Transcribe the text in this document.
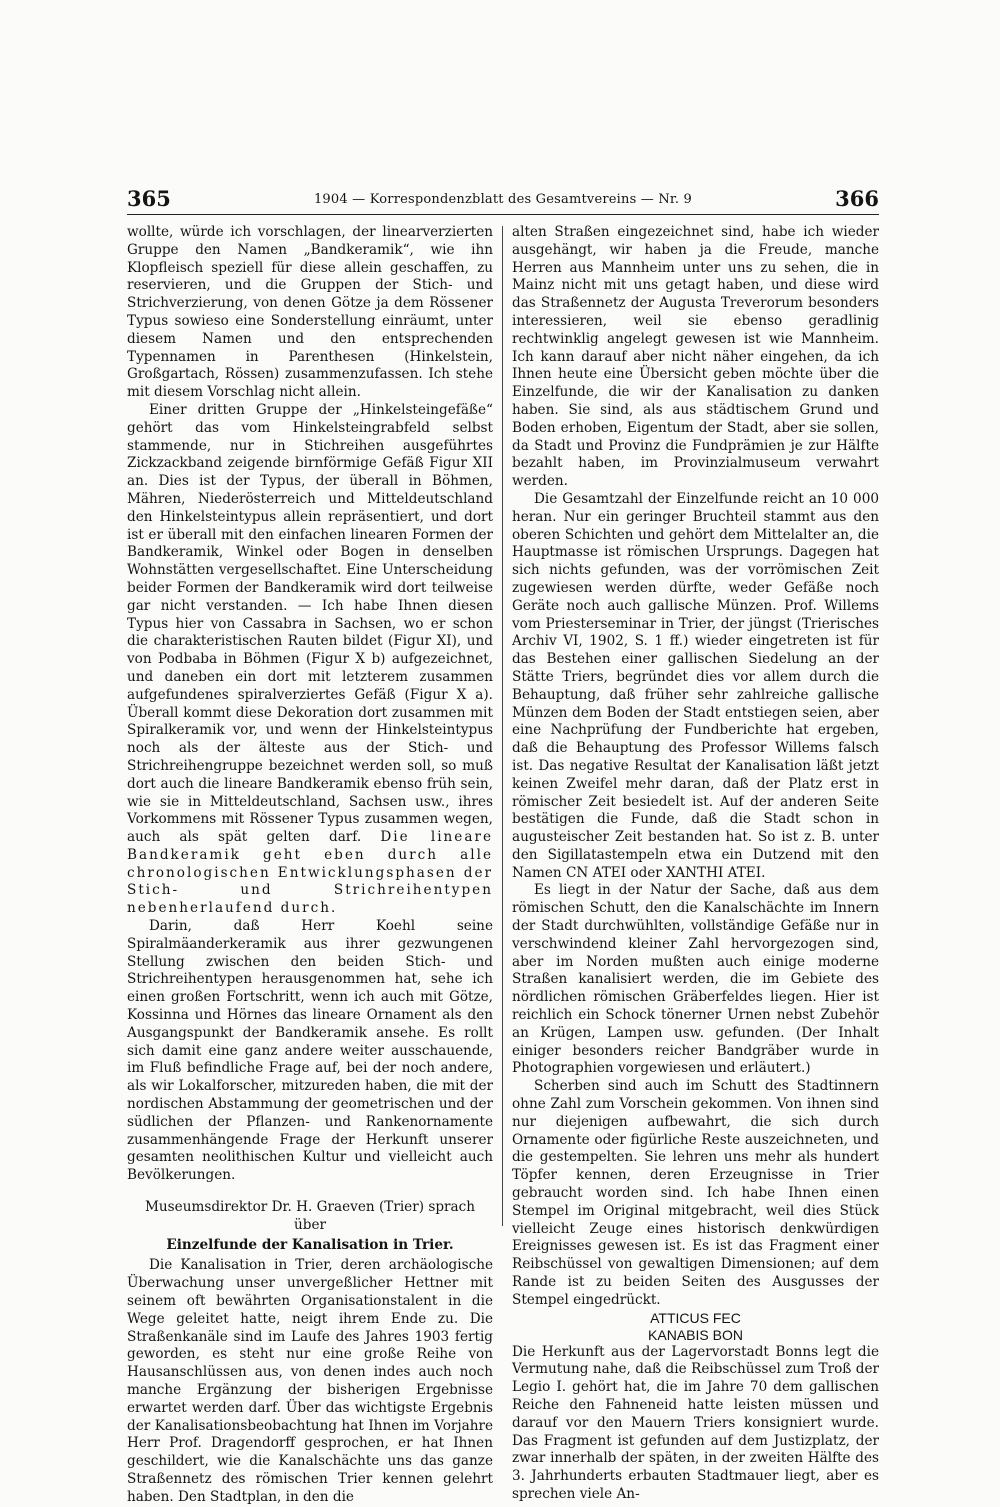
365	1904 — Korrespondenzblatt des Gesamtvereins — Nr. 9	366

wollte, würde ich vorschlagen, der linearverzierten Gruppe den Namen „Bandkeramik“, wie ihn Klopfleisch speziell für diese allein geschaffen, zu reservieren, und die Gruppen der Stich- und Strichverzierung, von denen Götze ja dem Rössener Typus sowieso eine Sonderstellung einräumt, unter diesem Namen und den entsprechenden Typennamen in Parenthesen (Hinkelstein, Großgartach, Rössen) zusammenzufassen. Ich stehe mit diesem Vorschlag nicht allein.

Einer dritten Gruppe der „Hinkelsteingefäße“ gehört das vom Hinkelsteingrabfeld selbst stammende, nur in Stichreihen ausgeführtes Zickzackband zeigende birnförmige Gefäß Figur XII an. Dies ist der Typus, der überall in Böhmen, Mähren, Niederösterreich und Mitteldeutschland den Hinkelsteintypus allein repräsentiert, und dort ist er überall mit den einfachen linearen Formen der Bandkeramik, Winkel oder Bogen in denselben Wohnstätten vergesellschaftet. Eine Unterscheidung beider Formen der Bandkeramik wird dort teilweise gar nicht verstanden. — Ich habe Ihnen diesen Typus hier von Cassabra in Sachsen, wo er schon die charakteristischen Rauten bildet (Figur XI), und von Podbaba in Böhmen (Figur X b) aufgezeichnet, und daneben ein dort mit letzterem zusammen aufgefundenes spiralverziertes Gefäß (Figur X a). Überall kommt diese Dekoration dort zusammen mit Spiralkeramik vor, und wenn der Hinkelsteintypus noch als der älteste aus der Stich- und Strichreihengruppe bezeichnet werden soll, so muß dort auch die lineare Bandkeramik ebenso früh sein, wie sie in Mitteldeutschland, Sachsen usw., ihres Vorkommens mit Rössener Typus zusammen wegen, auch als spät gelten darf. Die lineare Bandkeramik geht eben durch alle chronologischen Entwicklungsphasen der Stich- und Strichreihentypen nebenherlaufend durch.

Darin, daß Herr Koehl seine Spiralmäanderkeramik aus ihrer gezwungenen Stellung zwischen den beiden Stich- und Strichreihentypen herausgenommen hat, sehe ich einen großen Fortschritt, wenn ich auch mit Götze, Kossinna und Hörnes das lineare Ornament als den Ausgangspunkt der Bandkeramik ansehe. Es rollt sich damit eine ganz andere weiter ausschauende, im Fluß befindliche Frage auf, bei der noch andere, als wir Lokalforscher, mitzureden haben, die mit der nordischen Abstammung der geometrischen und der südlichen der Pflanzen- und Rankenornamente zusammenhängende Frage der Herkunft unserer gesamten neolithischen Kultur und vielleicht auch Bevölkerungen.

Museumsdirektor Dr. H. Graeven (Trier) sprach über

Einzelfunde der Kanalisation in Trier.

Die Kanalisation in Trier, deren archäologische Überwachung unser unvergeßlicher Hettner mit seinem oft bewährten Organisationstalent in die Wege geleitet hatte, neigt ihrem Ende zu. Die Straßenkanäle sind im Laufe des Jahres 1903 fertig geworden, es steht nur eine große Reihe von Hausanschlüssen aus, von denen indes auch noch manche Ergänzung der bisherigen Ergebnisse erwartet werden darf. Über das wichtigste Ergebnis der Kanalisationsbeobachtung hat Ihnen im Vorjahre Herr Prof. Dragendorff gesprochen, er hat Ihnen geschildert, wie die Kanalschächte uns das ganze Straßennetz des römischen Trier kennen gelehrt haben. Den Stadtplan, in den die

alten Straßen eingezeichnet sind, habe ich wieder ausgehängt, wir haben ja die Freude, manche Herren aus Mannheim unter uns zu sehen, die in Mainz nicht mit uns getagt haben, und diese wird das Straßennetz der Augusta Treverorum besonders interessieren, weil sie ebenso geradlinig rechtwinklig angelegt gewesen ist wie Mannheim. Ich kann darauf aber nicht näher eingehen, da ich Ihnen heute eine Übersicht geben möchte über die Einzelfunde, die wir der Kanalisation zu danken haben. Sie sind, als aus städtischem Grund und Boden erhoben, Eigentum der Stadt, aber sie sollen, da Stadt und Provinz die Fundprämien je zur Hälfte bezahlt haben, im Provinzialmuseum verwahrt werden.

Die Gesamtzahl der Einzelfunde reicht an 10 000 heran. Nur ein geringer Bruchteil stammt aus den oberen Schichten und gehört dem Mittelalter an, die Hauptmasse ist römischen Ursprungs. Dagegen hat sich nichts gefunden, was der vorrömischen Zeit zugewiesen werden dürfte, weder Gefäße noch Geräte noch auch gallische Münzen. Prof. Willems vom Priesterseminar in Trier, der jüngst (Trierisches Archiv VI, 1902, S. 1 ff.) wieder eingetreten ist für das Bestehen einer gallischen Siedelung an der Stätte Triers, begründet dies vor allem durch die Behauptung, daß früher sehr zahlreiche gallische Münzen dem Boden der Stadt entstiegen seien, aber eine Nachprüfung der Fundberichte hat ergeben, daß die Behauptung des Professor Willems falsch ist. Das negative Resultat der Kanalisation läßt jetzt keinen Zweifel mehr daran, daß der Platz erst in römischer Zeit besiedelt ist. Auf der anderen Seite bestätigen die Funde, daß die Stadt schon in augusteischer Zeit bestanden hat. So ist z. B. unter den Sigillatastempeln etwa ein Dutzend mit den Namen CN ATEI oder XANTHI ATEI.

Es liegt in der Natur der Sache, daß aus dem römischen Schutt, den die Kanalschächte im Innern der Stadt durchwühlten, vollständige Gefäße nur in verschwindend kleiner Zahl hervorgezogen sind, aber im Norden mußten auch einige moderne Straßen kanalisiert werden, die im Gebiete des nördlichen römischen Gräberfeldes liegen. Hier ist reichlich ein Schock tönerner Urnen nebst Zubehör an Krügen, Lampen usw. gefunden. (Der Inhalt einiger besonders reicher Bandgräber wurde in Photographien vorgewiesen und erläutert.)

Scherben sind auch im Schutt des Stadtinnern ohne Zahl zum Vorschein gekommen. Von ihnen sind nur diejenigen aufbewahrt, die sich durch Ornamente oder figürliche Reste auszeichneten, und die gestempelten. Sie lehren uns mehr als hundert Töpfer kennen, deren Erzeugnisse in Trier gebraucht worden sind. Ich habe Ihnen einen Stempel im Original mitgebracht, weil dies Stück vielleicht Zeuge eines historisch denkwürdigen Ereignisses gewesen ist. Es ist das Fragment einer Reibschüssel von gewaltigen Dimensionen; auf dem Rande ist zu beiden Seiten des Ausgusses der Stempel eingedrückt.

ATTICUS FEC

KANABIS BON

Die Herkunft aus der Lagervorstadt Bonns legt die Vermutung nahe, daß die Reibschüssel zum Troß der Legio I. gehört hat, die im Jahre 70 dem gallischen Reiche den Fahneneid hatte leisten müssen und darauf vor den Mauern Triers konsigniert wurde. Das Fragment ist gefunden auf dem Justizplatz, der zwar innerhalb der späten, in der zweiten Hälfte des 3. Jahrhunderts erbauten Stadtmauer liegt, aber es sprechen viele An-
